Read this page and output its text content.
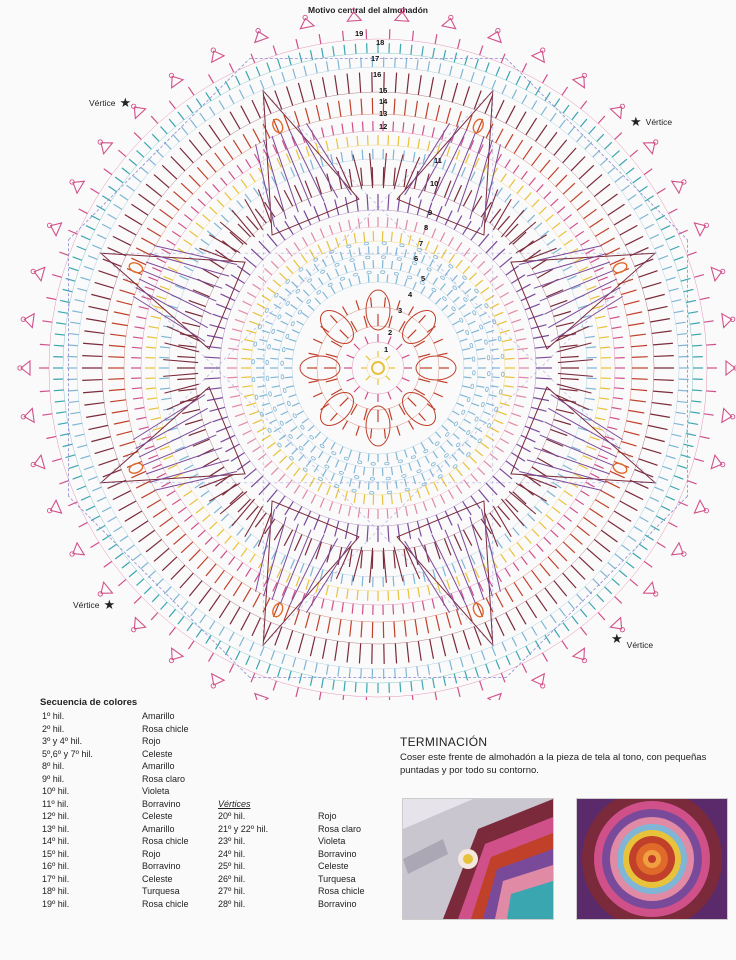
Motivo central del almohadón
1
2
3
4
5
6
7
8
9
10
11
12
13
14
15
16
17
18
19
Vértice ★
★ Vértice
Vértice ★
★ Vértice
Secuencia de colores
Vértices
TERMINACIÓN
Coser este frente de almohadón a la pieza de tela al tono, con pequeñas puntadas y por todo su contorno.
1º hil.	Amarillo
2º hil.	Rosa chicle
3º y 4º hil.	Rojo
5º,6º y 7º hil.	Celeste
8º hil.	Amarillo
9º hil.	Rosa claro
10º hil.	Violeta
11º hil.	Borravino
12º hil.	Celeste
13º hil.	Amarillo
14º hil.	Rosa chicle
15º hil.	Rojo
16º hil.	Borravino
17º hil.	Celeste
18º hil.	Turquesa
19º hil.	Rosa chicle
20º hil.	Rojo
21º y 22º hil.	Rosa claro
23º hil.	Violeta
24º hil.	Borravino
25º hil.	Celeste
26º hil.	Turquesa
27º hil.	Rosa chicle
28º hil.	Borravino
